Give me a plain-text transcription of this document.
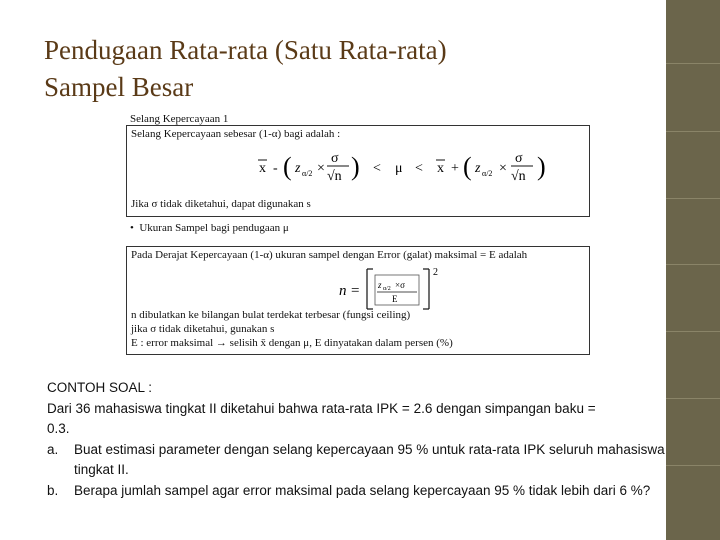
Pendugaan Rata-rata (Satu Rata-rata)
Sampel Besar
Selang Kepercayaan 1
Selang Kepercayaan sebesar (1-α) bagi adalah :
x - ( z α/2 ×
σ
√n ) < μ < x + ( z α/2 ×
σ
√n )
Jika σ tidak diketahui, dapat digunakan s
•  Ukuran Sampel bagi pendugaan μ
Pada Derajat Kepercayaan (1-α) ukuran sampel dengan Error (galat) maksimal = E adalah
n = z α/2 ×σ
E
2
n dibulatkan ke bilangan bulat terdekat terbesar (fungsi ceiling)
jika σ tidak diketahui, gunakan s
E : error maksimal → selisih x̄ dengan μ, E dinyatakan dalam persen (%)

CONTOH SOAL :

Dari 36 mahasiswa tingkat II diketahui bahwa rata-rata IPK = 2.6 dengan simpangan baku =

0.3.

a. Buat estimasi parameter dengan selang kepercayaan 95 % untuk rata-rata IPK seluruh mahasiswa tingkat II.

b. Berapa jumlah sampel agar error maksimal pada selang kepercayaan 95 % tidak lebih dari 6 %?
